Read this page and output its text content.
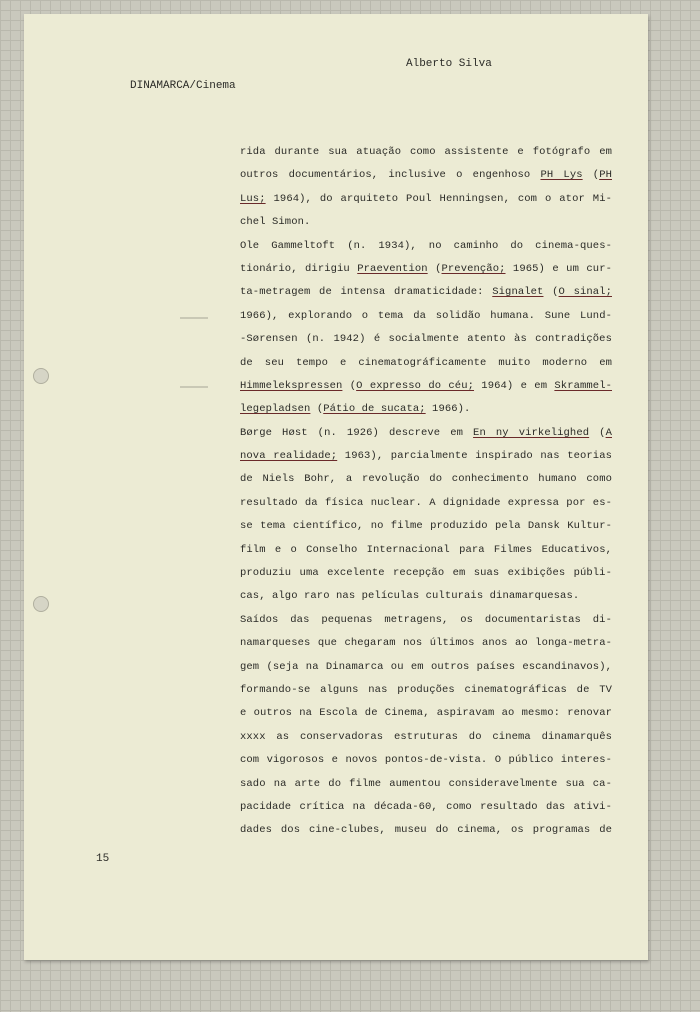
Alberto Silva
DINAMARCA/Cinema
rida durante sua atuação como assistente e fotógrafo em
outros documentários, inclusive o engenhoso PH Lys (PH
Lus; 1964), do arquiteto Poul Henningsen, com o ator Mi-
chel Simon.
Ole Gammeltoft (n. 1934), no caminho do cinema-ques-
tionário, dirigiu Praevention (Prevenção; 1965) e um cur-
ta-metragem de intensa dramaticidade: Signalet (O sinal;
1966), explorando o tema da solidão humana. Sune Lund-
-Sørensen (n. 1942) é socialmente atento às contradições
de seu tempo e cinematográficamente muito moderno em
Himmelekspressen (O expresso do céu; 1964) e em Skrammel-
legepladsen (Pátio de sucata; 1966).
Børge Høst (n. 1926) descreve em En ny virkelighed (A
nova realidade; 1963), parcialmente inspirado nas teorias
de Niels Bohr, a revolução do conhecimento humano como
resultado da física nuclear. A dignidade expressa por es-
se tema científico, no filme produzido pela Dansk Kultur-
film e o Conselho Internacional para Filmes Educativos,
produziu uma excelente recepção em suas exibições públi-
cas, algo raro nas películas culturais dinamarquesas.
Saídos das pequenas metragens, os documentaristas di-
namarqueses que chegaram nos últimos anos ao longa-metra-
gem (seja na Dinamarca ou em outros países escandinavos),
formando-se alguns nas produções cinematográficas de TV
e outros na Escola de Cinema, aspiravam ao mesmo: renovar
xxxx as conservadoras estruturas do cinema dinamarquês
com vigorosos e novos pontos-de-vista. O público interes-
sado na arte do filme aumentou consideravelmente sua ca-
pacidade crítica na década-60, como resultado das ativi-
dades dos cine-clubes, museu do cinema, os programas de
15
